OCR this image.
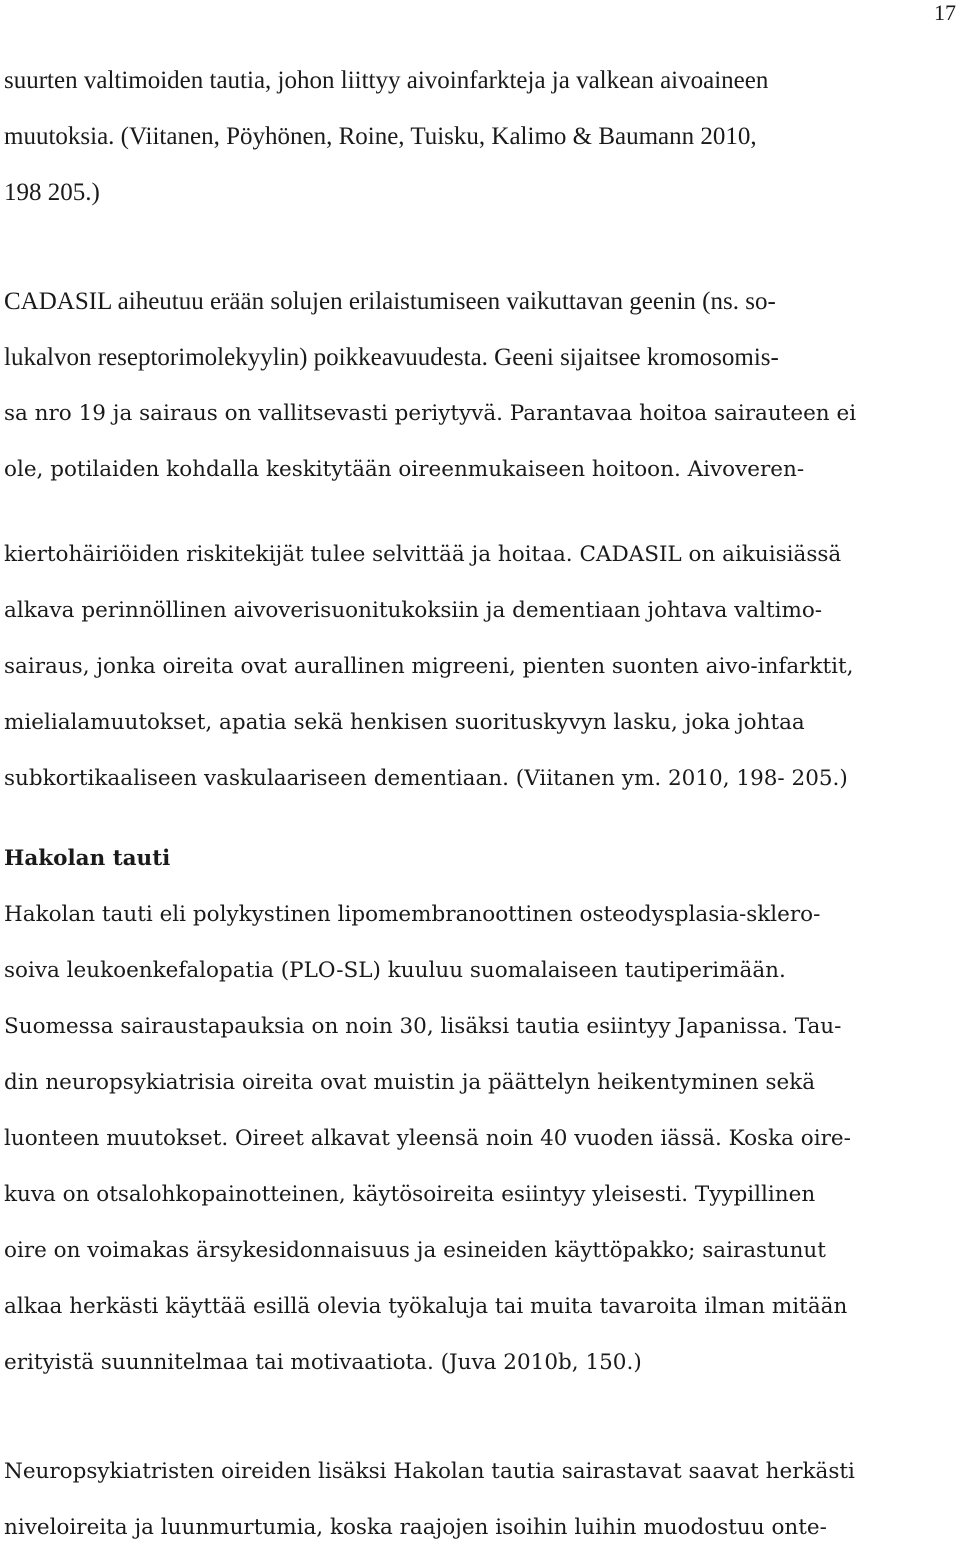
17

suurten valtimoiden tautia, johon liittyy aivoinfarkteja ja valkean aivoaineen
muutoksia. (Viitanen, Pöyhönen, Roine, Tuisku, Kalimo & Baumann 2010,
198 205.)

CADASIL aiheutuu erään solujen erilaistumiseen vaikuttavan geenin (ns. so-
lukalvon reseptorimolekyylin) poikkeavuudesta. Geeni sijaitsee kromosomis-
sa nro 19 ja sairaus on vallitsevasti periytyvä. Parantavaa hoitoa sairauteen ei
ole, potilaiden kohdalla keskitytään oireenmukaiseen hoitoon. Aivoveren-

kiertohäiriöiden riskitekijät tulee selvittää ja hoitaa. CADASIL on aikuisiässä
alkava perinnöllinen aivoverisuonitukoksiin ja dementiaan johtava valtimo-
sairaus, jonka oireita ovat aurallinen migreeni, pienten suonten aivo-infarktit,
mielialamuutokset, apatia sekä henkisen suorituskyvyn lasku, joka johtaa
subkortikaaliseen vaskulaariseen dementiaan. (Viitanen ym. 2010, 198- 205.)

Hakolan tauti

Hakolan tauti eli polykystinen lipomembranoottinen osteodysplasia-sklero-
soiva leukoenkefalopatia (PLO-SL) kuuluu suomalaiseen tautiperimään.
Suomessa sairaustapauksia on noin 30, lisäksi tautia esiintyy Japanissa. Tau-
din neuropsykiatrisia oireita ovat muistin ja päättelyn heikentyminen sekä
luonteen muutokset. Oireet alkavat yleensä noin 40 vuoden iässä. Koska oire-
kuva on otsalohkopainotteinen, käytösoireita esiintyy yleisesti. Tyypillinen
oire on voimakas ärsykesidonnaisuus ja esineiden käyttöpakko; sairastunut
alkaa herkästi käyttää esillä olevia työkaluja tai muita tavaroita ilman mitään
erityistä suunnitelmaa tai motivaatiota. (Juva 2010b, 150.)

Neuropsykiatristen oireiden lisäksi Hakolan tautia sairastavat saavat herkästi
niveloireita ja luunmurtumia, koska raajojen isoihin luihin muodostuu onte-
